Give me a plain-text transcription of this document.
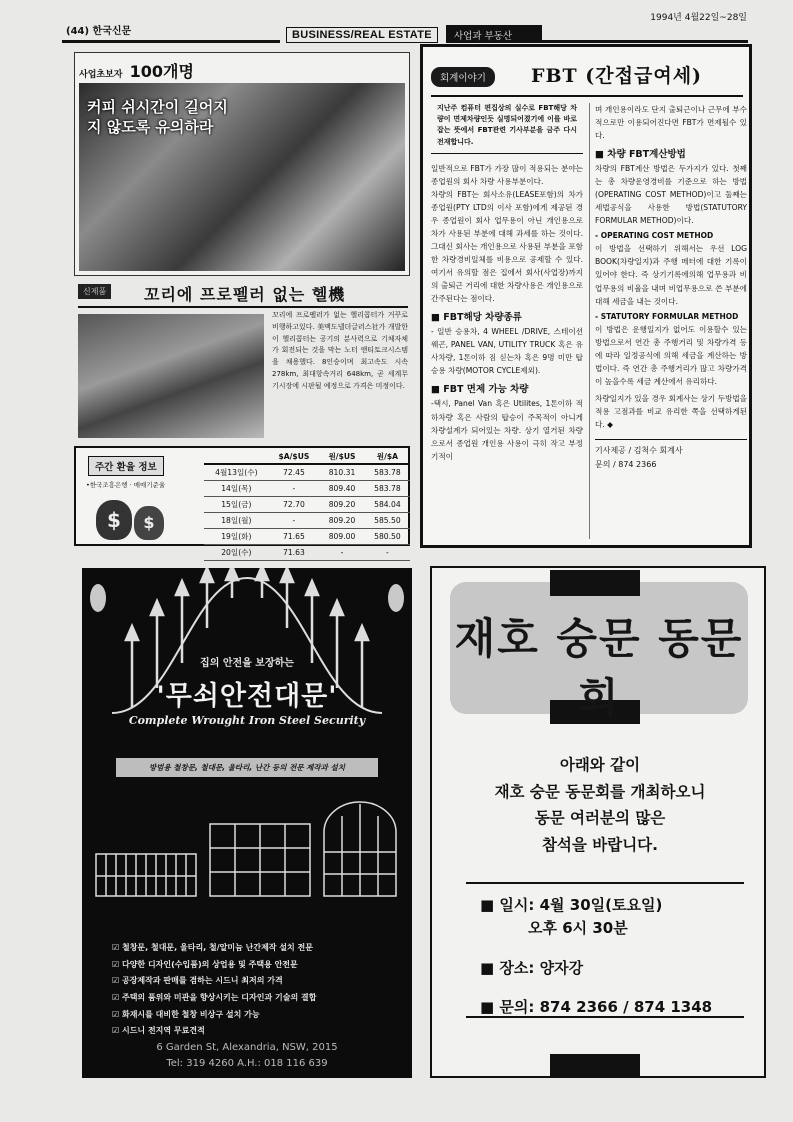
(44) 한국신문	BUSINESS/REAL ESTATE	사업과 부동산
1994년 4월22일~28일
사업초보자 100개명
커피 쉬시간이 길어지지 않도록 유의하라
신제품	꼬리에 프로펠러 없는 헬機

꼬리에 프로펠러가 없는 헬리콥터가 거꾸로 비행하고있다. 美맥도넬더글러스社가 개발한 이 헬리콥터는 공기의 분사력으로 기체자체가 회전되는 것을 막는 노터 앤티토크시스템을 채용했다. 8인승이며 최고속도 시속 278km, 최대항속거리 648km, 곧 세계무기시장에 시판될 예정으로 가격은 미정이다.

주간 환율 정보
•한국조흥은행 · 매매기준율
$	$
	$A/$US	원/$US	원/$A
4월13일(수)	72.45	810.31	583.78
14일(목)	-	809.40	583.78
15일(금)	72.70	809.20	584.04
18일(월)	-	809.20	585.50
19일(화)	71.65	809.00	580.50
20일(수)	71.63	-	-
회계이야기	FBT (간접급여세)

지난주 컴퓨터 편집상의 실수로 FBT해당 차량이 면제차량인듯 실명되어졌기에 이를 바로잡는 뜻에서 FBT관련 기사부분을 금주 다시 전재합니다.

일반적으로 FBT가 가장 많이 적용되는 분야는 종업원의 회사 차량 사용부분이다.

차량의 FBT는 회사소유(LEASE포함)의 차가 종업원(PTY LTD의 이사 포함)에게 제공된 경우 종업원이 회사 업무용이 아닌 개인용으로 차가 사용된 부분에 대해 과세를 하는 것이다. 그대신 회사는 개인용으로 사용된 부분을 포함한 차량경비일체를 비용으로 공제할 수 있다. 여기서 유의할 점은 집에서 회사(사업장)까지의 출퇴근 거리에 대한 차량사용은 개인용으로 간주된다는 점이다.

■ FBT해당 차량종류

- 일반 승용차, 4 WHEEL /DRIVE, 스테이션 웨곤, PANEL VAN, UTILITY TRUCK 혹은 유사차량, 1톤이하 짐 싣는차 혹은 9명 미만 탑승용 차량(MOTOR CYCLE제외).

■ FBT 면제 가능 차량

-택시, Panel Van 혹은 Utilites, 1톤이하 적하차량 혹은 사람의 탑승이 주목적이 아니게 차량설계가 되어있는 차량. 상기 열거된 차량으로서 종업원 개인용 사용이 극히 작고 부정기적이

며 개인용이라도 단지 출퇴근이나 근무에 부수적으로만 이용되어진다면 FBT가 면제될수 있다.

■ 차량 FBT계산방법

차량의 FBT계산 방법은 두가지가 있다. 첫째는 총 차량운영경비를 기준으로 하는 방법(OPERATING COST METHOD)이고 둘째는 세법공식을 사용한 방법(STATUTORY FORMULAR METHOD)이다.

- OPERATING COST METHOD

이 방법을 선택하기 위해서는 우선 LOG BOOK(차량일지)과 주행 메터에 대한 기록이 있어야 한다. 즉 상기기록에의해 업무용과 비업무용의 비율을 내며 비업무용으로 쓴 부분에 대해 세금을 내는 것이다.

- STATUTORY FORMULAR METHOD

이 방법은 운행일지가 없어도 이용할수 있는 방법으로서 연간 총 주행거리 및 차량가격 등에 따라 일정공식에 의해 세금을 계산하는 방법이다. 즉 연간 총 주행거리가 많고 차량가격이 높을수록 세금 계산에서 유리하다.

차량일지가 있을 경우 회계사는 상기 두방법을 적용 고점과를 비교 유리한 쪽을 선택하게된다. ◆

기사제공 / 김척수 회계사
문의 / 874 2366
집의 안전을 보장하는
'무쇠안전대문'
Complete Wrought Iron Steel Security
방범용 철창문, 철대문, 울타리, 난간 등의 전문 제작과 설치
☑ 철창문, 철대문, 울타리, 철/알미늄 난간제작 설치 전문
☑ 다양한 디자인(수입품)의 상업용 및 주택용 안전문
☑ 공장제작과 판매를 겸하는 시드니 최저의 가격
☑ 주택의 품위와 미관을 향상시키는 디자인과 기술의 결합
☑ 화재시를 대비한 철창 비상구 설치 가능
☑ 시드니 전지역 무료견적
6 Garden St, Alexandria, NSW, 2015
Tel: 319 4260 A.H.: 018 116 639
재호 숭문 동문회
아래와 같이
재호 숭문 동문회를 개최하오니
동문 여러분의 많은
참석을 바랍니다.
■ 일시: 4월 30일(토요일)
오후 6시 30분
■ 장소: 양자강
■ 문의: 874 2366 / 874 1348
